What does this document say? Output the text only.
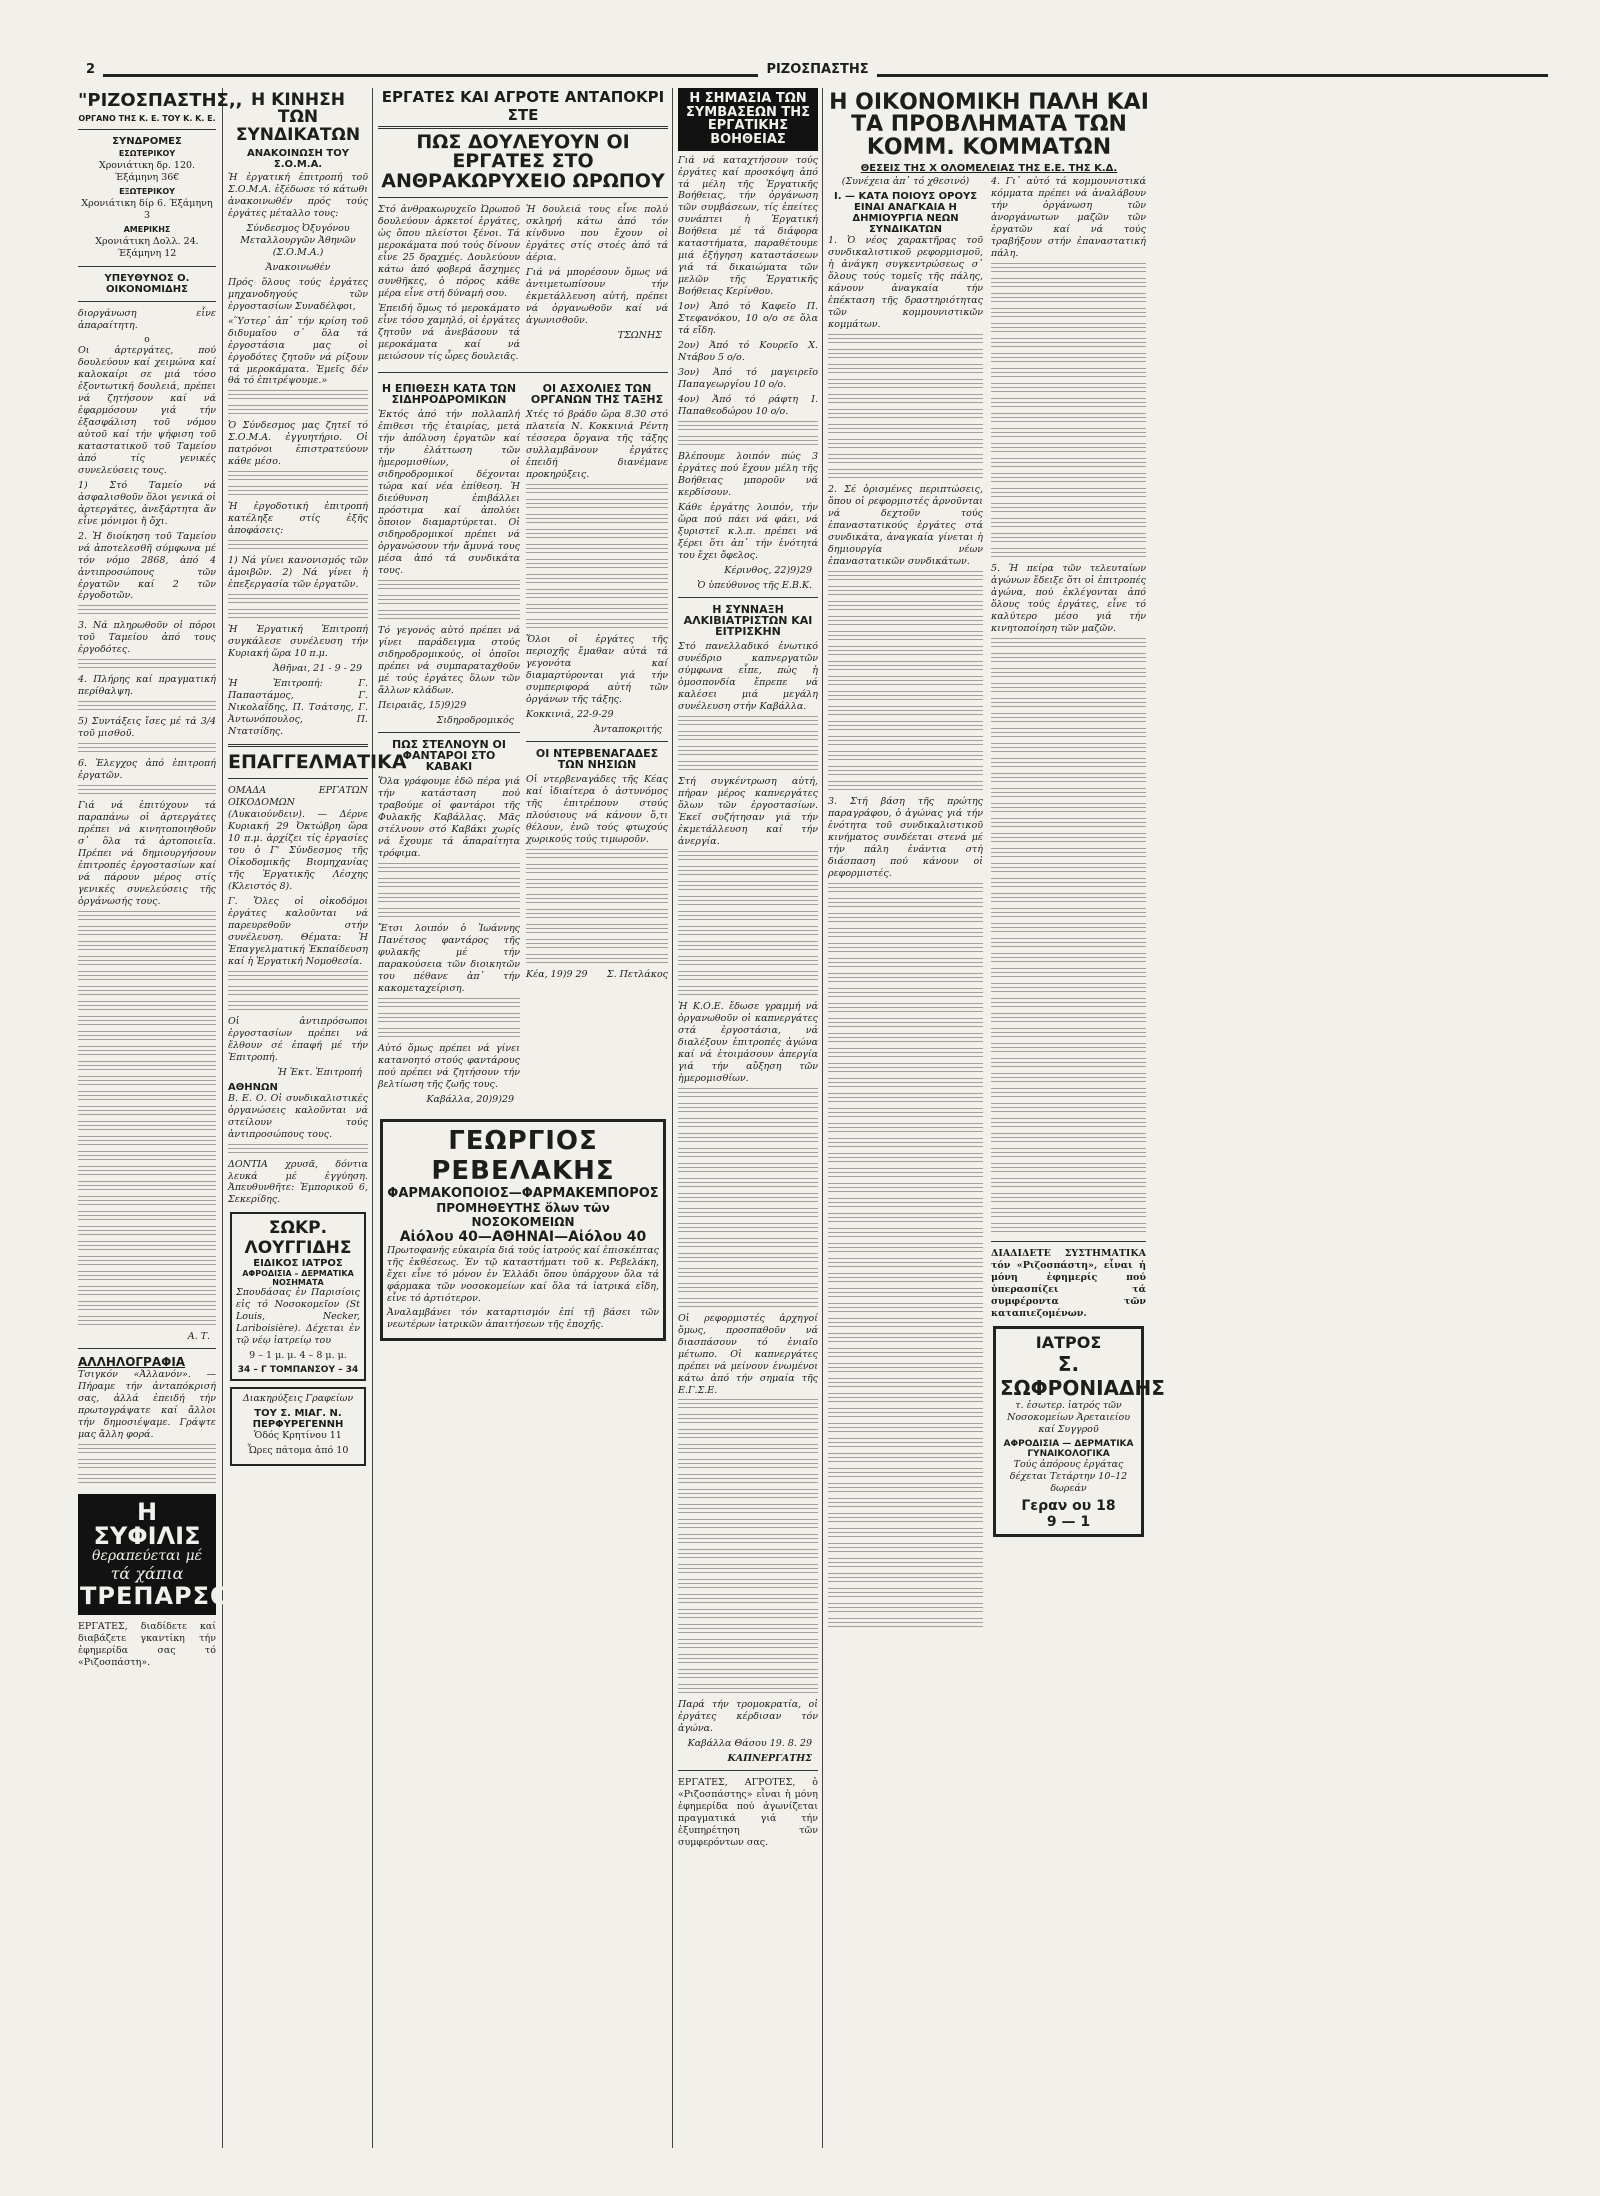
2	ΡΙΖΟΣΠΑΣΤΗΣ
"ΡΙΖΟΣΠΑΣΤΗΣ,,
ΟΡΓΑΝΟ ΤΗΣ Κ. Ε. ΤΟΥ Κ. Κ. Ε.
ΣΥΝΔΡΟΜΕΣ
ΕΣΩΤΕΡΙΚΟΥ
Χρονιάτικη δρ. 120. Έξάμηνη 36€
ΕΞΩΤΕΡΙΚΟΥ
Χρονιάτικη δίρ 6. Έξάμηνη 3
ΑΜΕΡΙΚΗΣ
Χρονιάτικη Δολλ. 24. Έξάμηνη 12
ΥΠΕΥΘΥΝΟΣ Ο. ΟΙΚΟΝΟΜΙΔΗΣ

διοργάνωση εἶνε ἀπαραίτητη.

ο

Οι ἀρτεργάτες, πού δουλεύουν καί χειμώνα καί καλοκαίρι σε μιά τόσο ἐξοντωτική δουλειά, πρέπει νά ζητήσουν καί νά ἐφαρμόσουν γιά τήν ἐξασφάλιση τοῦ νόμου αὐτοῦ καί τήν ψήφιση τοῦ καταστατικοῦ τοῦ Ταμείου ἀπό τίς γενικές συνελεύσεις τους.

1) Στό Ταμείο νά ἀσφαλισθοῦν ὅλοι γενικά οἱ ἀρτεργάτες, ἀνεξάρτητα ἄν εἶνε μόνιμοι ἤ ὄχι.

2. Ἡ διοίκηση τοῦ Ταμείου νά ἀποτελεσθῆ σύμφωνα μέ τόν νόμο 2868, ἀπό 4 ἀντιπροσώπους τῶν ἐργατῶν καί 2 τῶν ἐργοδοτῶν.

3. Νά πληρωθοῦν οἱ πόροι τοῦ Ταμείου ἀπό τους ἐργοδότες.

4. Πλήρης καί πραγματική περίθαλψη.

5) Συντάξεις ἴσες μέ τά 3/4 τοῦ μισθοῦ.

6. Ἐλεγχος ἀπό ἐπιτροπή ἐργατῶν.

Γιά νά ἐπιτύχουν τά παραπάνω οἱ ἀρτεργάτες πρέπει νά κινητοποιηθοῦν σ᾿ ὅλα τά ἀρτοποιεῖα. Πρέπει νά δημιουργήσουν ἐπιτροπές ἐργοστασίων καί νά πάρουν μέρος στίς γενικές συνελεύσεις τῆς ὀργάνωσής τους.

Α. Τ.
ΑΛΛΗΛΟΓΡΑΦΙΑ

Τσιγκόν «Ἀλλανόν». — Πήραμε τήν ἀνταπόκρισή σας, ἀλλά ἐπειδή τήν πρωτογράψατε καί ἄλλοι τήν δημοσιέψαμε. Γράψτε μας ἄλλη φορά.

Η ΣΥΦΙΛΙΣ
θεραπεύεται μέ
τά χάπια
ΤΡΕΠΑΡΣΟΛ

ΕΡΓΑΤΕΣ, διαδίδετε καί διαβάζετε γκαντίκη τήν ἐφημερίδα σας τό «Ριζοσπάστη».

Η ΚΙΝΗΣΗ ΤΩΝ ΣΥΝΔΙΚΑΤΩΝ
ΑΝΑΚΟΙΝΩΣΗ ΤΟΥ Σ.Ο.Μ.Α.

Ἡ ἐργατική ἐπιτροπή τοῦ Σ.Ο.Μ.Α. ἐξέδωσε τό κάτωθι ἀνακοινωθέν πρός τούς ἐργάτες μέταλλο τους:

Σύνδεσμος Ὀξυγόνου Μεταλλουργῶν Ἀθηνῶν (Σ.Ο.Μ.Α.)

Ἀνακοινωθέν

Πρός ὅλους τούς ἐργάτες μηχανοδηγούς τῶν ἐργοστασίων Συναδέλφοι,

«Ὕστερ᾿ ἀπ᾿ τήν κρίση τοῦ διδυμαῖου σ᾿ ὅλα τά ἐργοστάσια μας οἱ ἐργοδότες ζητοῦν νά ρίξουν τά μεροκάματα. Ἐμεῖς δέν θά τό ἐπιτρέψουμε.»

Ὁ Σύνδεσμος μας ζητεῖ τό Σ.Ο.Μ.Α. ἐγγυητήριο. Οἱ πατρόνοι ἐπιστρατεύουν κάθε μέσο.

Ἡ ἐργοδοτική ἐπιτροπή κατέληξε στίς ἐξῆς ἀποφάσεις:

1) Νά γίνει κανονισμός τῶν ἀμοιβῶν. 2) Νά γίνει ἡ ἐπεξεργασία τῶν ἐργατῶν.

Ἡ Ἐργατική Ἐπιτροπή συγκάλεσε συνέλευση τήν Κυριακή ὥρα 10 π.μ.

Ἀθῆναι, 21 - 9 - 29

Ἡ Ἐπιτροπή: Γ. Παπαστάμος, Γ. Νικολαΐδης, Π. Τσάτσης, Γ. Ἀντωνόπουλος, Π. Ντατσίδης.

ΕΠΑΓΓΕΛΜΑΤΙΚΑ

ΟΜΑΔΑ ΕΡΓΑΤΩΝ ΟΙΚΟΔΟΜΩΝ (Λυκαιούνδειν). — Δέρνε Κυριακή 29 Ὀκτώβρη ὥρα 10 π.μ. ἀρχίζει τίς ἐργασίες του ὁ Γ' Σύνδεσμος τῆς Οἰκοδομικῆς Βιομηχανίας τῆς Ἐργατικῆς Λέσχης (Κλειστός 8).

Γ. Ὅλες οἱ οἰκοδόμοι ἐργάτες καλοῦνται νά παρευρεθοῦν στήν συνέλευση. Θέματα: Ἡ Ἐπαγγελματική Ἐκπαίδευση καί ἡ Ἐργατική Νομοθεσία.

Οἱ ἀντιπρόσωποι ἐργοστασίων πρέπει νά ἔλθουν σέ ἐπαφή μέ τήν Ἐπιτροπή.

Ἡ Ἐκτ. Ἐπιτροπή
ΑΘΗΝΩΝ

Β. Ε. Ο. Οἱ συνδικαλιστικές ὀργανώσεις καλοῦνται νά στείλουν τούς ἀντιπροσώπους τους.

ΔΟΝΤΙΑ χρυσᾶ, δόντια λευκά μέ ἐγγύηση. Ἀπευθυνθῆτε: Ἐμπορικοῦ 6, Σεκερίδης.

ΣΩΚΡ. ΛΟΥΓΓΙΔΗΣ
ΕΙΔΙΚΟΣ ΙΑΤΡΟΣ
ΑΦΡΟΔΙΣΙΑ – ΔΕΡΜΑΤΙΚΑ ΝΟΣΗΜΑΤΑ

Σπουδάσας ἐν Παρισίοις εἰς τό Νοσοκομεῖον (St Louis, Necker, Lariboisière). Δέχεται ἐν τῷ νέῳ ἰατρείῳ του

9 – 1 μ. μ. 4 – 8 μ. μ.
34 – Γ ΤΟΜΠΑΝΣΟΥ – 34
Διακηρύξεις Γραφείων
ΤΟΥ Σ. ΜΙΑΓ. Ν. ΠΕΡΦΥΡΕΓΕΝΝΗ
Ὁδός Κρητίνου 11
Ὧρες πάτομα ἀπό 10
ΕΡΓΑΤΕΣ ΚΑΙ ΑΓΡΟΤΕ ΑΝΤΑΠΟΚΡΙ ΣΤΕ
ΠΩΣ ΔΟΥΛΕΥΟΥΝ ΟΙ ΕΡΓΑΤΕΣ ΣΤΟ ΑΝΘΡΑΚΩΡΥΧΕΙΟ ΩΡΩΠΟΥ

Στό ἀνθρακωρυχεῖο Ὠρωποῦ δουλεύουν ἀρκετοί ἐργάτες, ὡς ὄπου πλείστοι ξένοι. Τά μεροκάματα πού τούς δίνουν εἶνε 25 δραχμές. Δουλεύουν κάτω ἀπό φοβερά ἄσχημες συνθῆκες, ὁ πόρος κάθε μέρα εἶνε στή δύναμή σου.

Ἐπειδή ὅμως τό μεροκάματο εἶνε τόσο χαμηλό, οἱ ἐργάτες ζητοῦν νά ἀνεβάσουν τά μεροκάματα καί νά μειώσουν τίς ὧρες δουλειᾶς.

Ἡ δουλειά τους εἶνε πολύ σκληρή κάτω ἀπό τόν κίνδυνο που ἔχουν οἱ ἐργάτες στίς στοές ἀπό τά ἀέρια.

Γιά νά μπορέσουν ὅμως νά ἀντιμετωπίσουν τήν ἐκμετάλλευση αὐτή, πρέπει νά ὀργανωθοῦν καί νά ἀγωνισθοῦν.

ΤΣΩΝΗΣ
Η ΕΠΙΘΕΣΗ ΚΑΤΑ ΤΩΝ ΣΙΔΗΡΟΔΡΟΜΙΚΩΝ

Ἐκτός ἀπό τήν πολλαπλή ἐπιθεσι τῆς ἐταιρίας, μετά τήν ἀπόλυση ἐργατῶν καί τήν ἐλάττωση τῶν ἡμερομισθίων, οἱ σιδηροδρομικοί δέχονται τώρα καί νέα ἐπίθεση. Ἡ διεύθυνση ἐπιβάλλει πρόστιμα καί ἀπολύει ὅποιον διαμαρτύρεται. Οἱ σιδηροδρομικοί πρέπει νά ὀργανώσουν τήν ἄμυνά τους μέσα ἀπό τά συνδικάτα τους.

Τό γεγονός αὐτό πρέπει νά γίνει παράδειγμα στούς σιδηροδρομικούς, οἱ ὁποῖοι πρέπει νά συμπαραταχθοῦν μέ τούς ἐργάτες ὅλων τῶν ἄλλων κλάδων.

Πειραιᾶς, 15)9)29
Σιδηροδρομικός
ΠΩΣ ΣΤΕΛΝΟΥΝ ΟΙ ΦΑΝΤΑΡΟΙ ΣΤΟ ΚΑΒΑΚΙ

Ὅλα γράφουμε ἐδῶ πέρα γιά τήν κατάσταση πού τραβούμε οἱ φαντάροι τῆς Φυλακῆς Καβάλλας. Μᾶς στέλνουν στό Καβάκι χωρίς νά ἔχουμε τά ἀπαραίτητα τρόφιμα.

Ἔτσι λοιπόν ὁ Ἰωάννης Πανέτσος φαντάρος τῆς φυλακῆς μέ τήν παρακούσεια τῶν διοικητῶν του πέθανε ἀπ᾿ τήν κακομεταχείριση.

Αὐτό ὅμως πρέπει νά γίνει κατανοητό στούς φαντάρους πού πρέπει νά ζητήσουν τήν βελτίωση τῆς ζωῆς τους.

Καβάλλα, 20)9)29
ΟΙ ΑΣΧΟΛΙΕΣ ΤΩΝ ΟΡΓΑΝΩΝ ΤΗΣ ΤΑΞΗΣ

Χτές τό βράδυ ὥρα 8.30 στό πλατεία Ν. Κοκκινιά Ρέντη τέσσερα ὄργανα τῆς τάξης συλλαμβάνουν ἐργάτες ἐπειδή διανέμανε προκηρύξεις.

Ὅλοι οἱ ἐργάτες τῆς περιοχῆς ἔμαθαν αὐτά τά γεγονότα καί διαμαρτύρονται γιά τήν συμπεριφορά αὐτή τῶν ὀργάνων τῆς τάξης.

Κοκκινιά, 22-9-29
Ἀνταποκριτής
ΟΙ ΝΤΕΡΒΕΝΑΓΑΔΕΣ ΤΩΝ ΝΗΣΙΩΝ

Οἱ ντερβεναγάδες τῆς Κέας καί ἰδιαίτερα ὁ ἀστυνόμος τῆς ἐπιτρέπουν στούς πλούσιους νά κάνουν ὅ,τι θέλουν, ἐνῶ τούς φτωχούς χωρικούς τούς τιμωροῦν.

Κέα, 19)9 29 Σ. Πετλάκος
ΓΕΩΡΓΙΟΣ ΡΕΒΕΛΑΚΗΣ
ΦΑΡΜΑΚΟΠΟΙΟΣ—ΦΑΡΜΑΚΕΜΠΟΡΟΣ
ΠΡΟΜΗΘΕΥΤΗΣ ὅλων τῶν ΝΟΣΟΚΟΜΕΙΩΝ
Αἰόλου 40—ΑΘΗΝΑΙ—Αἰόλου 40

Πρωτοφανής εὐκαιρία διά τούς ἰατρούς καί ἐπισκέπτας τῆς ἐκθέσεως. Ἐν τῷ καταστήματι τοῦ κ. Ρεβελάκη, ἔχει εἶνε τό μόνον ἐν Ἑλλάδι ὅπου ὑπάρχουν ὅλα τά φάρμακα τῶν νοσοκομείων καί ὅλα τά ἰατρικά εἴδη, εἶνε τό ἀρτιότερον.

Ἀναλαμβάνει τόν καταρτισμόν ἐπί τῇ βάσει τῶν νεωτέρων ἰατρικῶν ἀπαιτήσεων τῆς ἐποχῆς.

Η ΣΗΜΑΣΙΑ ΤΩΝ ΣΥΜΒΑΣΕΩΝ ΤΗΣ ΕΡΓΑΤΙΚΗΣ ΒΟΗΘΕΙΑΣ

Γιά νά καταχτήσουν τούς ἐργάτες καί προσκόψη ἀπό τά μέλη τῆς Ἐργατικῆς Βοήθειας, τήν ὀργάνωση τῶν συμβάσεων, τίς ἐπείτες συνάπτει ἡ Ἐργατική Βοήθεια μέ τά διάφορα καταστήματα, παραθέτουμε μιά ἐξήγηση καταστάσεων γιά τά δικαιώματα τῶν μελῶν τῆς Ἐργατικῆς Βοήθειας Κερίνθου.

1ον) Ἀπό τό Καφεῖο Π. Στεφανόκου, 10 ο/ο σε ὅλα τά εἴδη.

2ον) Ἀπό τό Κουρεῖο Χ. Ντάβου 5 ο/ο.

3ον) Ἀπό τό μαγειρεῖο Παπαγεωργίου 10 ο/ο.

4ον) Ἀπό τό ράφτη Ι. Παπαθεοδώρου 10 ο/ο.

Βλέπουμε λοιπόν πώς 3 ἐργάτες πού ἔχουν μέλη τῆς Βοήθειας μποροῦν νά κερδίσουν.

Κάθε ἐργάτης λοιπόν, τήν ὥρα πού πάει νά φάει, νά ξυριστεῖ κ.λ.π. πρέπει νά ξέρει ὅτι ἀπ᾿ τήν ἑνότητά του ἔχει ὄφελος.

Κέρινθος, 22)9)29
Ὁ ὑπεύθυνος τῆς Ε.Β.Κ.
Η ΣΥΝΝΑΞΗ ΑΛΚΙΒΙΑΤΡΙΣΤΩΝ ΚΑΙ ΕΙΤΡΙΣΚΗΝ

Στό πανελλαδικό ἑνωτικό συνέδριο καπνεργατῶν σύμφωνα εἶπε, πώς ἡ ὁμοσπονδία ἔπρεπε νά καλέσει μιά μεγάλη συνέλευση στήν Καβάλλα.

Στή συγκέντρωση αὐτή, πήραν μέρος καπνεργάτες ὅλων τῶν ἐργοστασίων. Ἐκεῖ συζήτησαν γιά τήν ἐκμετάλλευση καί τήν ἀνεργία.

Ἡ Κ.Ο.Ε. ἔδωσε γραμμή νά ὀργανωθοῦν οἱ καπνεργάτες στά ἐργοστάσια, νά διαλέξουν ἐπιτροπές ἀγώνα καί νά ἑτοιμάσουν ἀπεργία γιά τήν αὔξηση τῶν ἡμερομισθίων.

Οἱ ρεφορμιστές ἀρχηγοί ὅμως, προσπαθοῦν νά διασπάσουν τό ἑνιαῖο μέτωπο. Οἱ καπνεργάτες πρέπει νά μείνουν ἑνωμένοι κάτω ἀπό τήν σημαία τῆς Ε.Γ.Σ.Ε.

Παρά τήν τρομοκρατία, οἱ ἐργάτες κέρδισαν τόν ἀγώνα.

Καβάλλα Θάσου 19. 8. 29
ΚΑΠΝΕΡΓΑΤΗΣ

ΕΡΓΑΤΕΣ, ΑΓΡΟΤΕΣ, ὁ «Ριζοσπάστης» εἶναι ἡ μόνη ἐφημερίδα πού ἀγωνίζεται πραγματικά γιά τήν ἐξυπηρέτηση τῶν συμφερόντων σας.

Η ΟΙΚΟΝΟΜΙΚΗ ΠΑΛΗ ΚΑΙ ΤΑ ΠΡΟΒΛΗΜΑΤΑ ΤΩΝ ΚΟΜΜ. ΚΟΜΜΑΤΩΝ
ΘΕΣΕΙΣ ΤΗΣ Χ ΟΛΟΜΕΛΕΙΑΣ ΤΗΣ Ε.Ε. ΤΗΣ Κ.Δ.
(Συνέχεια ἀπ᾿ τό χθεσινό)
Ι. — ΚΑΤΑ ΠΟΙΟΥΣ ΟΡΟΥΣ ΕΙΝΑΙ ΑΝΑΓΚΑΙΑ Η ΔΗΜΙΟΥΡΓΙΑ ΝΕΩΝ ΣΥΝΔΙΚΑΤΩΝ

1. Ὁ νέος χαρακτῆρας τοῦ συνδικαλιστικοῦ ρεφορμισμοῦ, ἡ ἀνάγκη συγκεντρώσεως σ᾿ ὅλους τούς τομεῖς τῆς πάλης, κάνουν ἀναγκαία τήν ἐπέκταση τῆς δραστηριότητας τῶν κομμουνιστικῶν κομμάτων.

2. Σέ ὁρισμένες περιπτώσεις, ὅπου οἱ ρεφορμιστές ἀρνοῦνται νά δεχτοῦν τούς ἐπαναστατικούς ἐργάτες στά συνδικάτα, ἀναγκαία γίνεται ἡ δημιουργία νέων ἐπαναστατικῶν συνδικάτων.

3. Στή βάση τῆς πρώτης παραγράφου, ὁ ἀγώνας γιά τήν ἑνότητα τοῦ συνδικαλιστικοῦ κινήματος συνδέεται στενά μέ τήν πάλη ἐνάντια στή διάσπαση πού κάνουν οἱ ρεφορμιστές.

4. Γι᾿ αὐτό τά κομμουνιστικά κόμματα πρέπει νά ἀναλάβουν τήν ὀργάνωση τῶν ἀνοργάνωτων μαζῶν τῶν ἐργατῶν καί νά τούς τραβήξουν στήν ἐπαναστατική πάλη.

5. Ἡ πείρα τῶν τελευταίων ἀγώνων ἔδειξε ὅτι οἱ ἐπιτροπές ἀγώνα, πού ἐκλέγονται ἀπό ὅλους τούς ἐργάτες, εἶνε τό καλύτερο μέσο γιά τήν κινητοποίηση τῶν μαζῶν.

ΔΙΑΔΙΔΕΤΕ ΣΥΣΤΗΜΑΤΙΚΑ τόν «Ριζοσπάστη», εἶναι ἡ μόνη ἐφημερίς πού ὑπερασπίζει τά συμφέροντα τῶν καταπιεζομένων.

ΙΑΤΡΟΣ
Σ. ΣΩΦΡΟΝΙΑΔΗΣ
τ. ἐσωτερ. ἰατρός τῶν Νοσοκομείων Ἀρεταιείου καί Συγγροῦ
ΑΦΡΟΔΙΣΙΑ — ΔΕΡΜΑΤΙΚΑ ΓΥΝΑΙΚΟΛΟΓΙΚΑ
Τούς ἀπόρους ἐργάτας δέχεται Τετάρτην 10–12 δωρεάν
Γεραν ου 18
9 — 1
